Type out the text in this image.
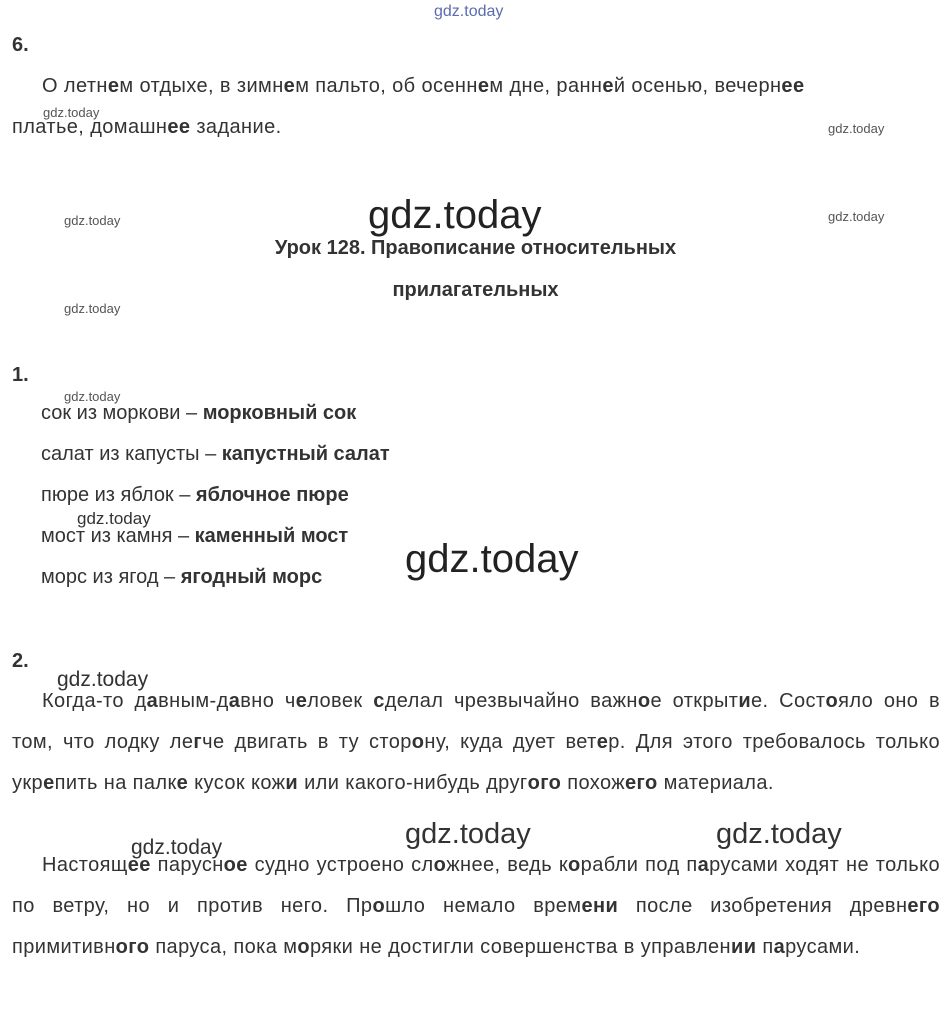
gdz.today
6.

О летнем отдыхе, в зимнем пальто, об осеннем дне, ранней осенью, вечернее
платье, домашнее задание.

Урок 128. Правописание относительных
прилагательных
1.
сок из моркови – морковный сок
салат из капусты – капустный салат
пюре из яблок – яблочное пюре
мост из камня – каменный мост
морс из ягод – ягодный морс
2.

Когда-то давным-давно человек сделал чрезвычайно важное открытие. Состояло оно в том, что лодку легче двигать в ту сторону, куда дует ветер. Для этого требовалось только укрепить на палке кусок кожи или какого-нибудь другого похожего материала.

Настоящее парусное судно устроено сложнее, ведь корабли под парусами ходят не только по ветру, но и против него. Прошло немало времени после изобретения древнего примитивного паруса, пока моряки не достигли совершенства в управлении парусами.

gdz.today
gdz.today
gdz.today	gdz.today
gdz.today
gdz.today
gdz.today
gdz.today
gdz.today
gdz.today
gdz.today	gdz.today
gdz.today
